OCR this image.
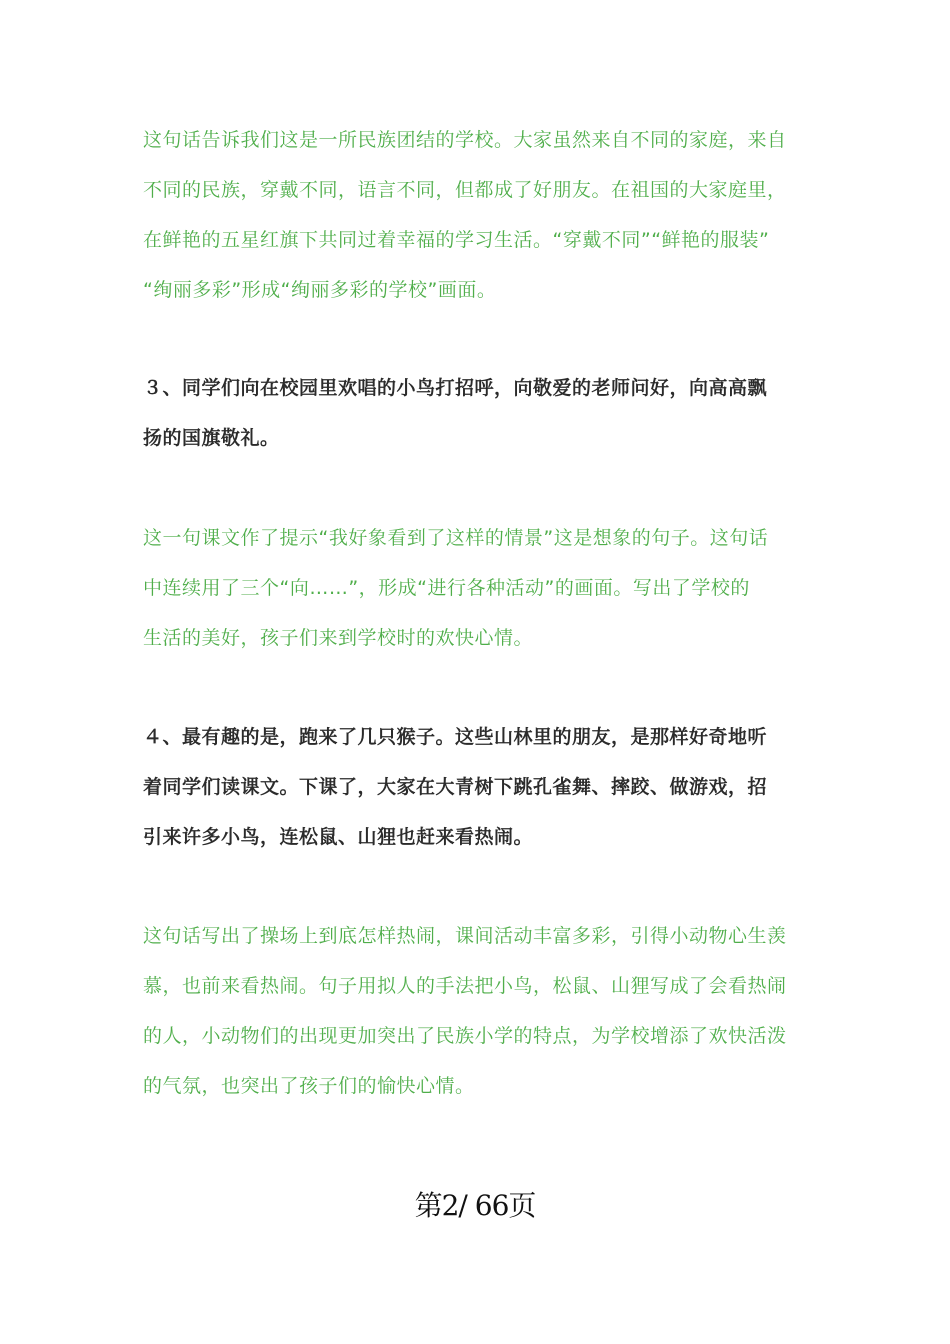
这句话告诉我们这是一所民族团结的学校。大家虽然来自不同的家庭，来自
不同的民族，穿戴不同，语言不同，但都成了好朋友。在祖国的大家庭里，
在鲜艳的五星红旗下共同过着幸福的学习生活。“穿戴不同”“鲜艳的服装”
“绚丽多彩”形成“绚丽多彩的学校”画面。

３、同学们向在校园里欢唱的小鸟打招呼，向敬爱的老师问好，向高高飘
扬的国旗敬礼。

这一句课文作了提示“我好象看到了这样的情景”这是想象的句子。这句话
中连续用了三个“向……”，形成“进行各种活动”的画面。写出了学校的
生活的美好，孩子们来到学校时的欢快心情。

４、最有趣的是，跑来了几只猴子。这些山林里的朋友，是那样好奇地听
着同学们读课文。下课了，大家在大青树下跳孔雀舞、摔跤、做游戏，招
引来许多小鸟，连松鼠、山狸也赶来看热闹。

这句话写出了操场上到底怎样热闹，课间活动丰富多彩，引得小动物心生羡
慕，也前来看热闹。句子用拟人的手法把小鸟，松鼠、山狸写成了会看热闹
的人，小动物们的出现更加突出了民族小学的特点，为学校增添了欢快活泼
的气氛，也突出了孩子们的愉快心情。

第2/ 66页
